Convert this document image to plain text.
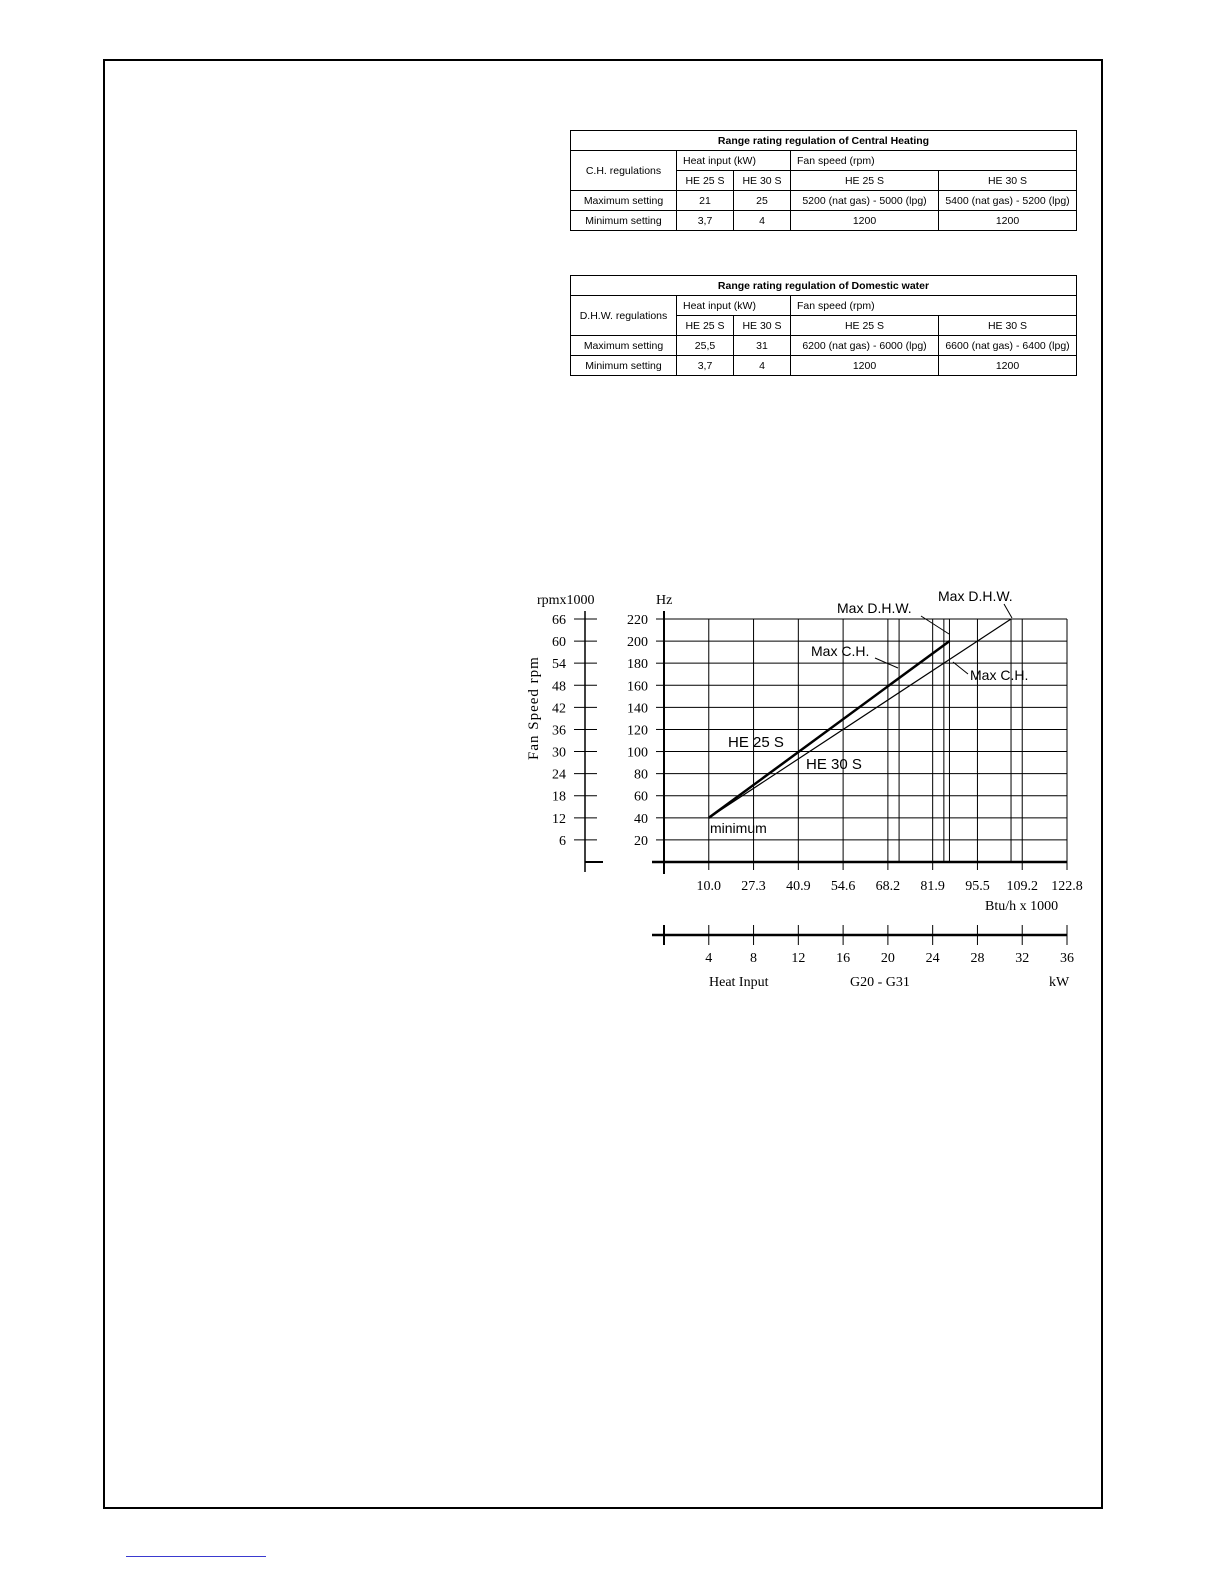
Range rating regulation of Central Heating				
C.H. regulations	Heat input (kW)		Fan speed (rpm)	
	HE 25 S	HE 30 S	HE 25 S	HE 30 S
Maximum setting	21	25	5200 (nat gas) - 5000 (lpg)	5400 (nat gas) - 5200 (lpg)
Minimum setting	3,7	4	1200	1200
Range rating regulation of Domestic water				
D.H.W. regulations	Heat input (kW)		Fan speed (rpm)	
	HE 25 S	HE 30 S	HE 25 S	HE 30 S
Maximum setting	25,5	31	6200 (nat gas) - 6000 (lpg)	6600 (nat gas) - 6400 (lpg)
Minimum setting	3,7	4	1200	1200
66
60
54
48
42
36
30
24
18
12
6
220
200
180
160
140
120
100
80
60
40
20
10.0 27.3 40.9 54.6 68.2 81.9 95.5 109.2 122.8
4	8 12 16 20 24 28 32 36
rpmx1000
Fan Speed rpm
Hz
Btu/h x 1000
Heat Input	G20 - G31	kW
HE 25 S
HE 30 S
minimum
Max D.H.W.
Max D.H.W.
Max C.H.
Max C.H.
